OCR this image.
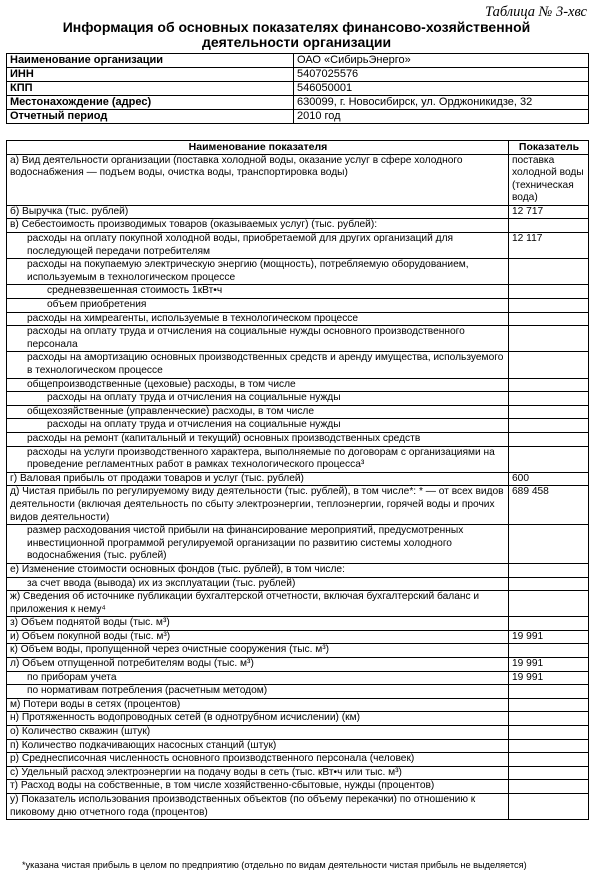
Таблица № 3-хвс
Информация об основных показателях финансово-хозяйственной
деятельности организации
Наименование организации	ОАО «СибирьЭнерго»
ИНН	5407025576
КПП	546050001
Местонахождение (адрес)	630099, г. Новосибирск, ул. Орджоникидзе, 32
Отчетный период	2010 год
Наименование показателя	Показатель
а) Вид деятельности организации (поставка холодной воды, оказание услуг в сфере холодного водоснабжения — подъем воды, очистка воды, транспортировка воды)	поставка холодной воды (техническая вода)
б) Выручка (тыс. рублей)	12 717
в) Себестоимость производимых товаров (оказываемых услуг) (тыс. рублей):	
расходы на оплату покупной холодной воды, приобретаемой для других организаций для последующей передачи потребителям	12 117
расходы на покупаемую электрическую энергию (мощность), потребляемую оборудованием, используемым в технологическом процессе	
средневзвешенная стоимость 1кВт•ч	
объем приобретения	
расходы на химреагенты, используемые в технологическом процессе	
расходы на оплату труда и отчисления на социальные нужды основного производственного персонала	
расходы на амортизацию основных производственных средств и аренду имущества, используемого в технологическом процессе	
общепроизводственные (цеховые) расходы, в том числе	
расходы на оплату труда и отчисления на социальные нужды	
общехозяйственные (управленческие) расходы, в том числе	
расходы на оплату труда и отчисления на социальные нужды	
расходы на ремонт (капитальный и текущий) основных производственных средств	
расходы на услуги производственного характера, выполняемые по договорам с организациями на проведение регламентных работ в рамках технологического процесса³	
г) Валовая прибыль от продажи товаров и услуг (тыс. рублей)	600
д) Чистая прибыль по регулируемому виду деятельности (тыс. рублей), в том числе*: * — от всех видов деятельности (включая деятельность по сбыту электроэнергии, теплоэнергии, горячей воды и прочих видов деятельности)	689 458
размер расходования чистой прибыли на финансирование мероприятий, предусмотренных инвестиционной программой регулируемой организации по развитию системы холодного водоснабжения (тыс. рублей)	
е) Изменение стоимости основных фондов (тыс. рублей), в том числе:	
за счет ввода (вывода) их из эксплуатации (тыс. рублей)	
ж) Сведения об источнике публикации бухгалтерской отчетности, включая бухгалтерский баланс и приложения к нему⁴	
з) Объем поднятой воды (тыс. м³)	
и) Объем покупной воды (тыс. м³)	19 991
к) Объем воды, пропущенной через очистные сооружения (тыс. м³)	
л) Объем отпущенной потребителям воды (тыс. м³)	19 991
по приборам учета	19 991
по нормативам потребления (расчетным методом)	
м) Потери воды в сетях (процентов)	
н) Протяженность водопроводных сетей (в однотрубном исчислении) (км)	
о) Количество скважин (штук)	
п) Количество подкачивающих насосных станций (штук)	
р) Среднесписочная численность основного производственного персонала (человек)	
с) Удельный расход электроэнергии на подачу воды в сеть (тыс. кВт•ч или тыс. м³)	
т) Расход воды на собственные, в том числе хозяйственно-сбытовые, нужды (процентов)	
у) Показатель использования производственных объектов (по объему перекачки) по отношению к пиковому дню отчетного года (процентов)	
*указана чистая прибыль в целом по предприятию (отдельно по видам деятельности чистая прибыль не выделяется)
